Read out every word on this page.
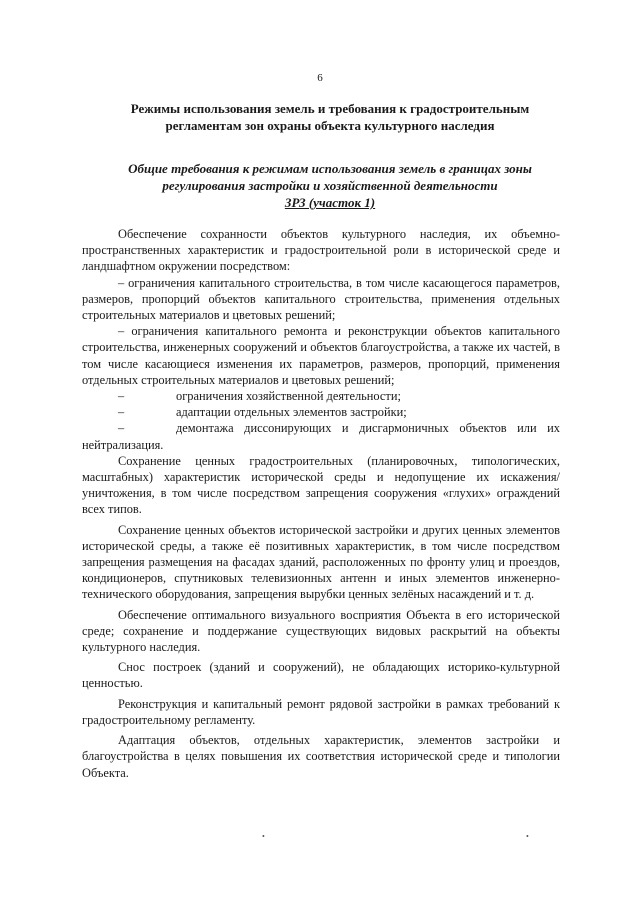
6
Режимы использования земель и требования к градостроительным
регламентам зон охраны объекта культурного наследия
Общие требования к режимам использования земель в границах зоны
регулирования застройки и хозяйственной деятельности
ЗРЗ (участок 1)

Обеспечение сохранности объектов культурного наследия, их объемно-пространственных характеристик и градостроительной роли в исторической среде и ландшафтном окружении посредством:

– ограничения капитального строительства, в том числе касающегося параметров, размеров, пропорций объектов капитального строительства, применения отдельных строительных материалов и цветовых решений;

– ограничения капитального ремонта и реконструкции объектов капитального строительства, инженерных сооружений и объектов благоустройства, а также их частей, в том числе касающиеся изменения их параметров, размеров, пропорций, применения отдельных строительных материалов и цветовых решений;

–	ограничения хозяйственной деятельности;

–	адаптации отдельных элементов застройки;

–	демонтажа диссонирующих и дисгармоничных объектов или их нейтрализация.

Сохранение ценных градостроительных (планировочных, типологических, масштабных) характеристик исторической среды и недопущение их искажения/уничтожения, в том числе посредством запрещения сооружения «глухих» ограждений всех типов.

Сохранение ценных объектов исторической застройки и других ценных элементов исторической среды, а также её позитивных характеристик, в том числе посредством запрещения размещения на фасадах зданий, расположенных по фронту улиц и проездов, кондиционеров, спутниковых телевизионных антенн и иных элементов инженерно-технического оборудования, запрещения вырубки ценных зелёных насаждений и т. д.

Обеспечение оптимального визуального восприятия Объекта в его исторической среде; сохранение и поддержание существующих видовых раскрытий на объекты культурного наследия.

Снос построек (зданий и сооружений), не обладающих историко-культурной ценностью.

Реконструкция и капитальный ремонт рядовой застройки в рамках требований к градостроительному регламенту.

Адаптация объектов, отдельных характеристик, элементов застройки и благоустройства в целях повышения их соответствия исторической среде и типологии Объекта.

•	•
